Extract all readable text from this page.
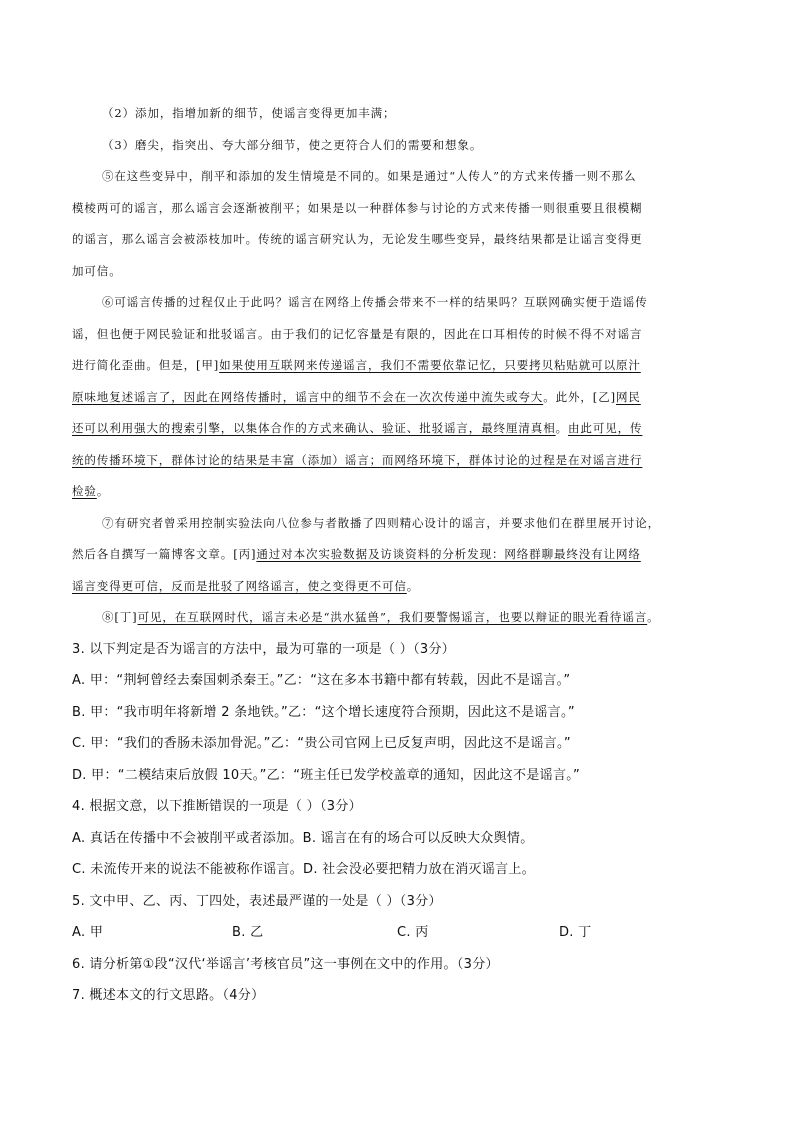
（2）添加，指增加新的细节，使谣言变得更加丰满；
（3）磨尖，指突出、夸大部分细节，使之更符合人们的需要和想象。
⑤在这些变异中，削平和添加的发生情境是不同的。如果是通过“人传人”的方式来传播一则不那么
模棱两可的谣言，那么谣言会逐渐被削平；如果是以一种群体参与讨论的方式来传播一则很重要且很模糊
的谣言，那么谣言会被添枝加叶。传统的谣言研究认为，无论发生哪些变异，最终结果都是让谣言变得更
加可信。
⑥可谣言传播的过程仅止于此吗？谣言在网络上传播会带来不一样的结果吗？互联网确实便于造谣传
谣，但也便于网民验证和批驳谣言。由于我们的记忆容量是有限的，因此在口耳相传的时候不得不对谣言
进行简化歪曲。但是，[甲]如果使用互联网来传递谣言，我们不需要依靠记忆，只要拷贝粘贴就可以原汁
原味地复述谣言了，因此在网络传播时，谣言中的细节不会在一次次传递中流失或夸大。此外，[乙]网民
还可以利用强大的搜索引擎，以集体合作的方式来确认、验证、批驳谣言，最终厘清真相。由此可见，传
统的传播环境下，群体讨论的结果是丰富（添加）谣言；而网络环境下，群体讨论的过程是在对谣言进行
检验。
⑦有研究者曾采用控制实验法向八位参与者散播了四则精心设计的谣言，并要求他们在群里展开讨论，
然后各自撰写一篇博客文章。[丙]通过对本次实验数据及访谈资料的分析发现：网络群聊最终没有让网络
谣言变得更可信，反而是批驳了网络谣言，使之变得更不可信。
⑧[丁]可见，在互联网时代，谣言未必是“洪水猛兽”，我们要警惕谣言，也要以辩证的眼光看待谣言。
3. 以下判定是否为谣言的方法中，最为可靠的一项是（ ）（3分）
A. 甲：“荆轲曾经去秦国刺杀秦王。”乙：“这在多本书籍中都有转载，因此不是谣言。”
B. 甲：“我市明年将新增 2 条地铁。”乙：“这个增长速度符合预期，因此这不是谣言。”
C. 甲：“我们的香肠未添加骨泥。”乙：“贵公司官网上已反复声明，因此这不是谣言。”
D. 甲：“二模结束后放假 10天。”乙：“班主任已发学校盖章的通知，因此这不是谣言。”
4. 根据文意，以下推断错误的一项是（ ）（3分）
A. 真话在传播中不会被削平或者添加。B. 谣言在有的场合可以反映大众舆情。
C. 未流传开来的说法不能被称作谣言。D. 社会没必要把精力放在消灭谣言上。
5. 文中甲、乙、丙、丁四处，表述最严谨的一处是（ ）（3分）
A. 甲	B. 乙	C. 丙	D. 丁
6. 请分析第①段“汉代‘举谣言’考核官员”这一事例在文中的作用。（3分）
7. 概述本文的行文思路。（4分）
